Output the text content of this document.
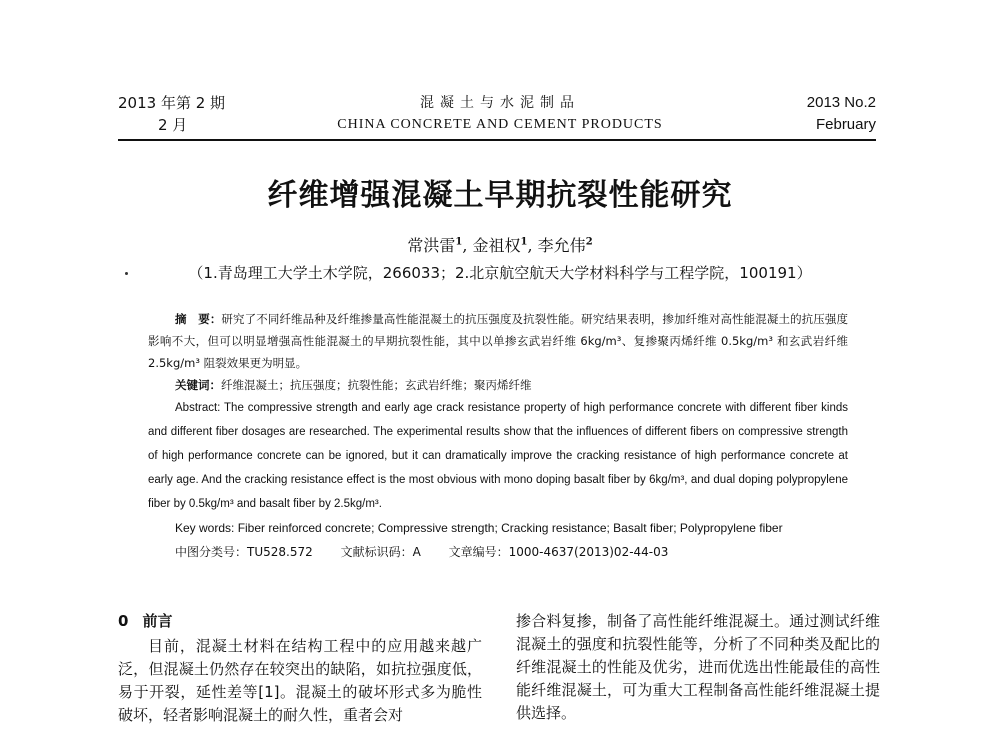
2013 年第 2 期
2 月
混凝土与水泥制品
CHINA CONCRETE AND CEMENT PRODUCTS
2013 No.2
February
纤维增强混凝土早期抗裂性能研究
常洪雷$^1$, 金祖权$^1$, 李允伟$^2$
（1.青岛理工大学土木学院，266033；2.北京航空航天大学材料科学与工程学院，100191）

摘　要：研究了不同纤维品种及纤维掺量高性能混凝土的抗压强度及抗裂性能。研究结果表明，掺加纤维对高性能混凝土的抗压强度影响不大，但可以明显增强高性能混凝土的早期抗裂性能，其中以单掺玄武岩纤维 6kg/m³、复掺聚丙烯纤维 0.5kg/m³ 和玄武岩纤维 2.5kg/m³ 阻裂效果更为明显。

关键词：纤维混凝土；抗压强度；抗裂性能；玄武岩纤维；聚丙烯纤维

Abstract: The compressive strength and early age crack resistance property of high performance concrete with different fiber kinds and different fiber dosages are researched. The experimental results show that the influences of different fibers on compressive strength of high performance concrete can be ignored, but it can dramatically improve the cracking resistance of high performance concrete at early age. And the cracking resistance effect is the most obvious with mono doping basalt fiber by 6kg/m³, and dual doping polypropylene fiber by 0.5kg/m³ and basalt fiber by 2.5kg/m³.

Key words: Fiber reinforced concrete; Compressive strength; Cracking resistance; Basalt fiber; Polypropylene fiber

中图分类号：TU528.572 文献标识码：A 文章编号：1000-4637(2013)02-44-03

0 前言

目前，混凝土材料在结构工程中的应用越来越广泛，但混凝土仍然存在较突出的缺陷，如抗拉强度低，易于开裂，延性差等[1]。混凝土的破坏形式多为脆性破坏，轻者影响混凝土的耐久性，重者会对

掺合料复掺，制备了高性能纤维混凝土。通过测试纤维混凝土的强度和抗裂性能等，分析了不同种类及配比的纤维混凝土的性能及优劣，进而优选出性能最佳的高性能纤维混凝土，可为重大工程制备高性能纤维混凝土提供选择。
